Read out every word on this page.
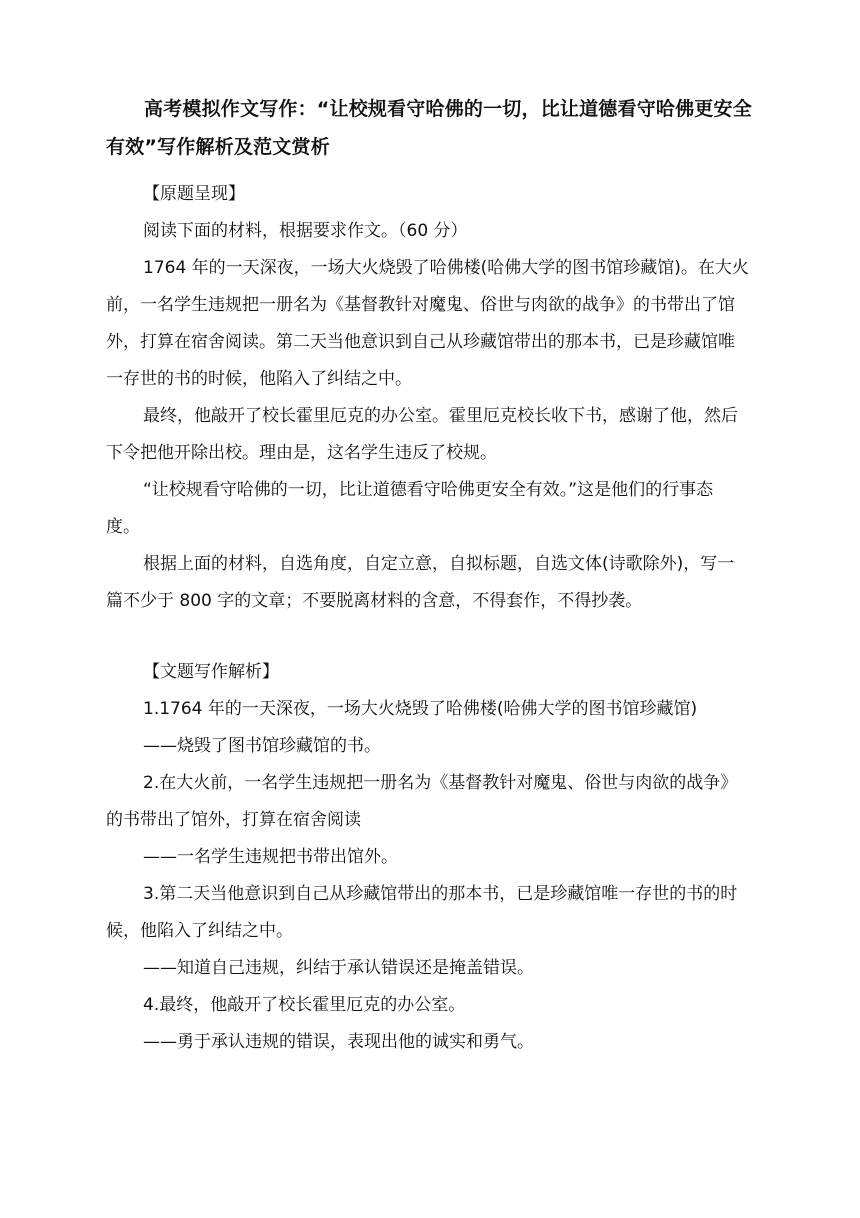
高考模拟作文写作：“让校规看守哈佛的一切，比让道德看守哈佛更安全有效”写作解析及范文赏析
【原题呈现】
阅读下面的材料，根据要求作文。（60 分）
1764 年的一天深夜，一场大火烧毁了哈佛楼(哈佛大学的图书馆珍藏馆)。在大火
前，一名学生违规把一册名为《基督教针对魔鬼、俗世与肉欲的战争》的书带出了馆
外，打算在宿舍阅读。第二天当他意识到自己从珍藏馆带出的那本书，已是珍藏馆唯
一存世的书的时候，他陷入了纠结之中。
最终，他敲开了校长霍里厄克的办公室。霍里厄克校长收下书，感谢了他，然后
下令把他开除出校。理由是，这名学生违反了校规。
“让校规看守哈佛的一切，比让道德看守哈佛更安全有效。”这是他们的行事态
度。
根据上面的材料，自选角度，自定立意，自拟标题，自选文体(诗歌除外)，写一
篇不少于 800 字的文章；不要脱离材料的含意，不得套作，不得抄袭。
【文题写作解析】
1.1764 年的一天深夜，一场大火烧毁了哈佛楼(哈佛大学的图书馆珍藏馆)
——烧毁了图书馆珍藏馆的书。
2.在大火前，一名学生违规把一册名为《基督教针对魔鬼、俗世与肉欲的战争》
的书带出了馆外，打算在宿舍阅读
——一名学生违规把书带出馆外。
3.第二天当他意识到自己从珍藏馆带出的那本书，已是珍藏馆唯一存世的书的时
候，他陷入了纠结之中。
——知道自己违规，纠结于承认错误还是掩盖错误。
4.最终，他敲开了校长霍里厄克的办公室。
——勇于承认违规的错误，表现出他的诚实和勇气。
